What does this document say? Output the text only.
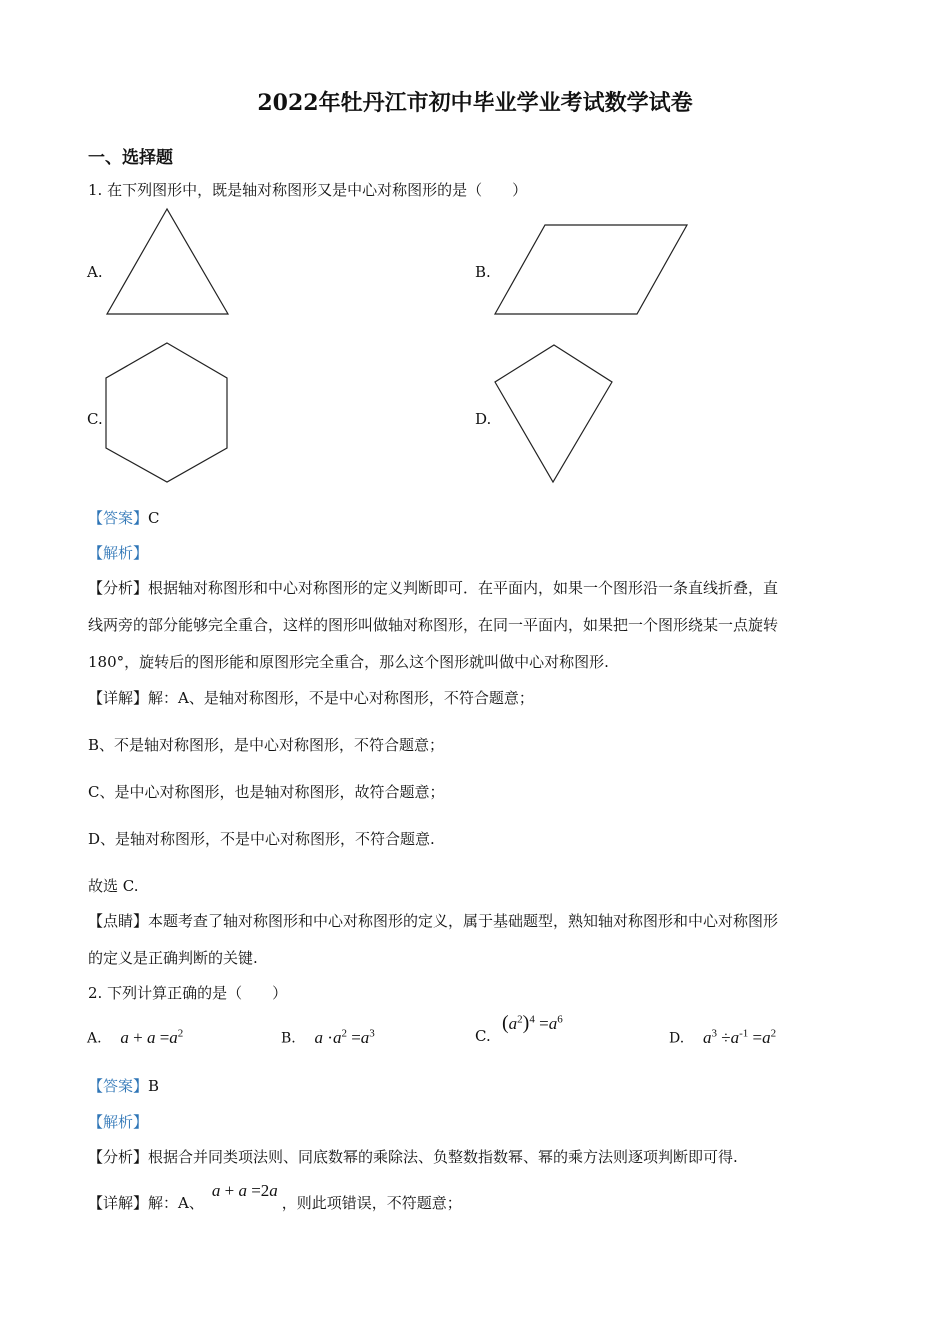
2022年牡丹江市初中毕业学业考试数学试卷
一、选择题
1. 在下列图形中，既是轴对称图形又是中心对称图形的是（　　）
A.	B.
C.	D.
【答案】C
【解析】
【分析】根据轴对称图形和中心对称图形的定义判断即可．在平面内，如果一个图形沿一条直线折叠，直
线两旁的部分能够完全重合，这样的图形叫做轴对称图形，在同一平面内，如果把一个图形绕某一点旋转
180°，旋转后的图形能和原图形完全重合，那么这个图形就叫做中心对称图形.
【详解】解：A、是轴对称图形，不是中心对称图形，不符合题意；
B、不是轴对称图形，是中心对称图形，不符合题意；
C、是中心对称图形，也是轴对称图形，故符合题意；
D、是轴对称图形，不是中心对称图形，不符合题意.
故选 C.
【点睛】本题考查了轴对称图形和中心对称图形的定义，属于基础题型，熟知轴对称图形和中心对称图形
的定义是正确判断的关键.
2. 下列计算正确的是（　　）
A. $a + a =a^2$	B. $a \cdot a^2 =a^3$	C.
$(a^2)^4 =a^6$
D. $a^3 \div a^{-1} =a^2$
【答案】B
【解析】
【分析】根据合并同类项法则、同底数幂的乘除法、负整数指数幂、幂的乘方法则逐项判断即可得.
【详解】解：A、a + a =2a，则此项错误，不符题意；
